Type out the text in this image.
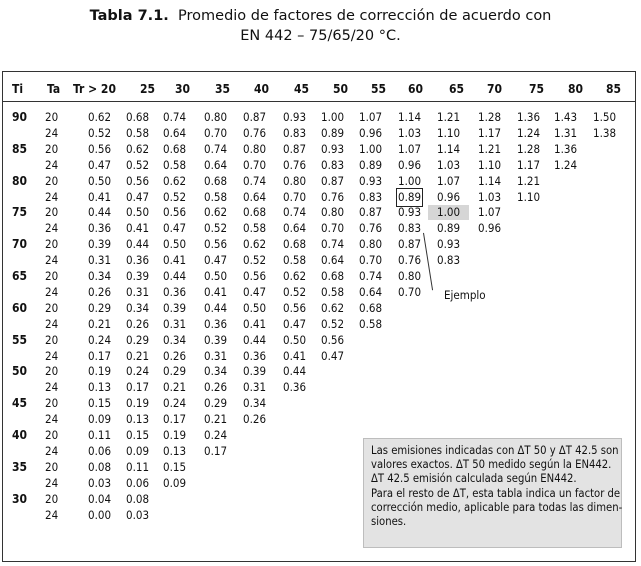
Tabla 7.1. Promedio de factores de corrección de acuerdo con
EN 442 – 75/65/20 °C.
Ti Ta Tr > 20 25 30 35 40 45 50 55 60 65 70 75 80 85
90 20	0.62 0.68 0.74 0.80 0.87 0.93 1.00 1.07 1.14 1.21 1.28 1.36 1.43 1.50
24	0.52 0.58 0.64 0.70 0.76 0.83 0.89 0.96 1.03 1.10 1.17 1.24 1.31 1.38
85 20	0.56 0.62 0.68 0.74 0.80 0.87 0.93 1.00 1.07 1.14 1.21 1.28 1.36
24	0.47 0.52 0.58 0.64 0.70 0.76 0.83 0.89 0.96 1.03 1.10 1.17 1.24
80 20	0.50 0.56 0.62 0.68 0.74 0.80 0.87 0.93 1.00 1.07 1.14 1.21
24	0.41 0.47 0.52 0.58 0.64 0.70 0.76 0.83 0.89 0.96 1.03 1.10
75 20	0.44 0.50 0.56 0.62 0.68 0.74 0.80 0.87 0.93	1.00	1.07
24	0.36 0.41 0.47 0.52 0.58 0.64 0.70 0.76 0.83 0.89 0.96
70 20	0.39 0.44 0.50 0.56 0.62 0.68 0.74 0.80 0.87 0.93
24	0.31 0.36 0.41 0.47 0.52 0.58 0.64 0.70 0.76 0.83
65 20	0.34 0.39 0.44 0.50 0.56 0.62 0.68 0.74 0.80
24	0.26 0.31 0.36 0.41 0.47 0.52 0.58 0.64 0.70
60 20	0.29 0.34 0.39 0.44 0.50 0.56 0.62 0.68
24	0.21 0.26 0.31 0.36 0.41 0.47 0.52 0.58
55 20	0.24 0.29 0.34 0.39 0.44 0.50 0.56
24	0.17 0.21 0.26 0.31 0.36 0.41 0.47
50 20	0.19 0.24 0.29 0.34 0.39 0.44
24	0.13 0.17 0.21 0.26 0.31 0.36
45 20	0.15 0.19 0.24 0.29 0.34
24	0.09 0.13 0.17 0.21 0.26
40 20	0.11 0.15 0.19 0.24
24	0.06 0.09 0.13 0.17
35 20	0.08 0.11 0.15
24	0.03 0.06 0.09
30 20	0.04 0.08
24	0.00 0.03
Ejemplo
Las emisiones indicadas con ΔT 50 y ΔT 42.5 son
valores exactos. ΔT 50 medido según la EN442.
ΔT 42.5 emisión calculada según EN442.
Para el resto de ΔT, esta tabla indica un factor de
corrección medio, aplicable para todas las dimen-
siones.
